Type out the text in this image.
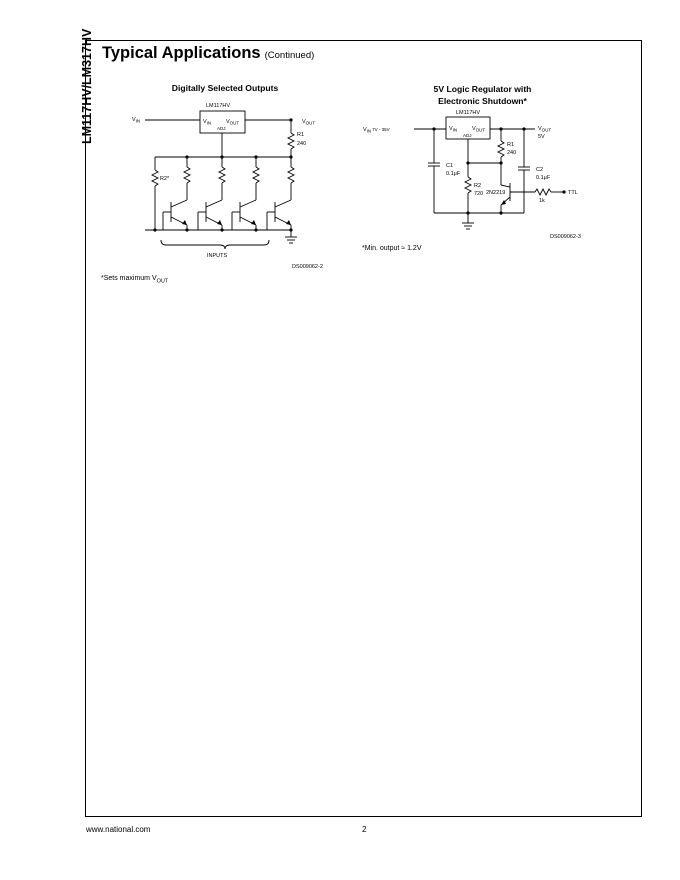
LM117HV/LM317HV Typical Applications (Continued)
Digitally Selected Outputs
LM117HV
$V_{IN}$	$V_{OUT}$
ADJ
$V_{IN}$	$V_{OUT}$
R1
240
R2*
INPUTS
DS009062-2
*Sets maximum $V_{OUT}$
5V Logic Regulator with
Electronic Shutdown*
LM117HV
$V_{IN}$	$V_{OUT}$
ADJ
$V_{IN}^{7V - 35V}$	$V_{OUT}$
5V
R1
240
C1
0.1μF
C2
0.1μF
R2
720 2N2219
1k
TTL
DS009062-3
*Min. output ≈ 1.2V
www.national.com	2
